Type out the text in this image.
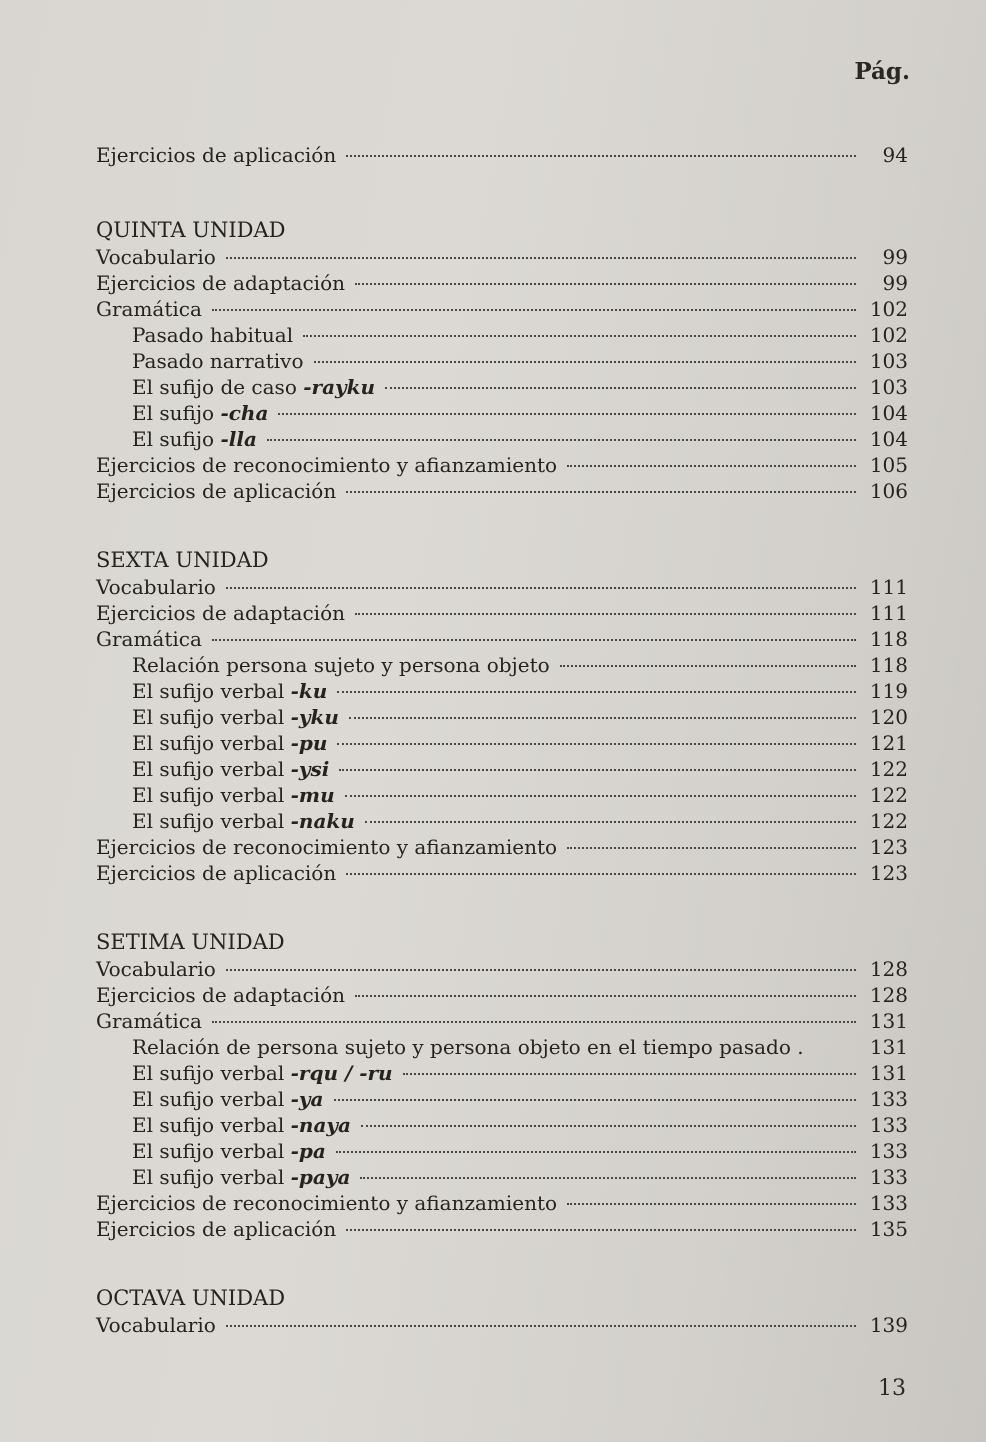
Pág.
Ejercicios de aplicación	94
QUINTA UNIDAD
Vocabulario	99
Ejercicios de adaptación	99
Gramática	102
Pasado habitual	102
Pasado narrativo	103
El sufijo de caso -rayku	103
El sufijo -cha	104
El sufijo -lla	104
Ejercicios de reconocimiento y afianzamiento	105
Ejercicios de aplicación	106
SEXTA UNIDAD
Vocabulario	111
Ejercicios de adaptación	111
Gramática	118
Relación persona sujeto y persona objeto	118
El sufijo verbal -ku	119
El sufijo verbal -yku	120
El sufijo verbal -pu	121
El sufijo verbal -ysi	122
El sufijo verbal -mu	122
El sufijo verbal -naku	122
Ejercicios de reconocimiento y afianzamiento	123
Ejercicios de aplicación	123
SETIMA UNIDAD
Vocabulario	128
Ejercicios de adaptación	128
Gramática	131
Relación de persona sujeto y persona objeto en el tiempo pasado .	131
El sufijo verbal -rqu / -ru	131
El sufijo verbal -ya	133
El sufijo verbal -naya	133
El sufijo verbal -pa	133
El sufijo verbal -paya	133
Ejercicios de reconocimiento y afianzamiento	133
Ejercicios de aplicación	135
OCTAVA UNIDAD
Vocabulario	139
13
